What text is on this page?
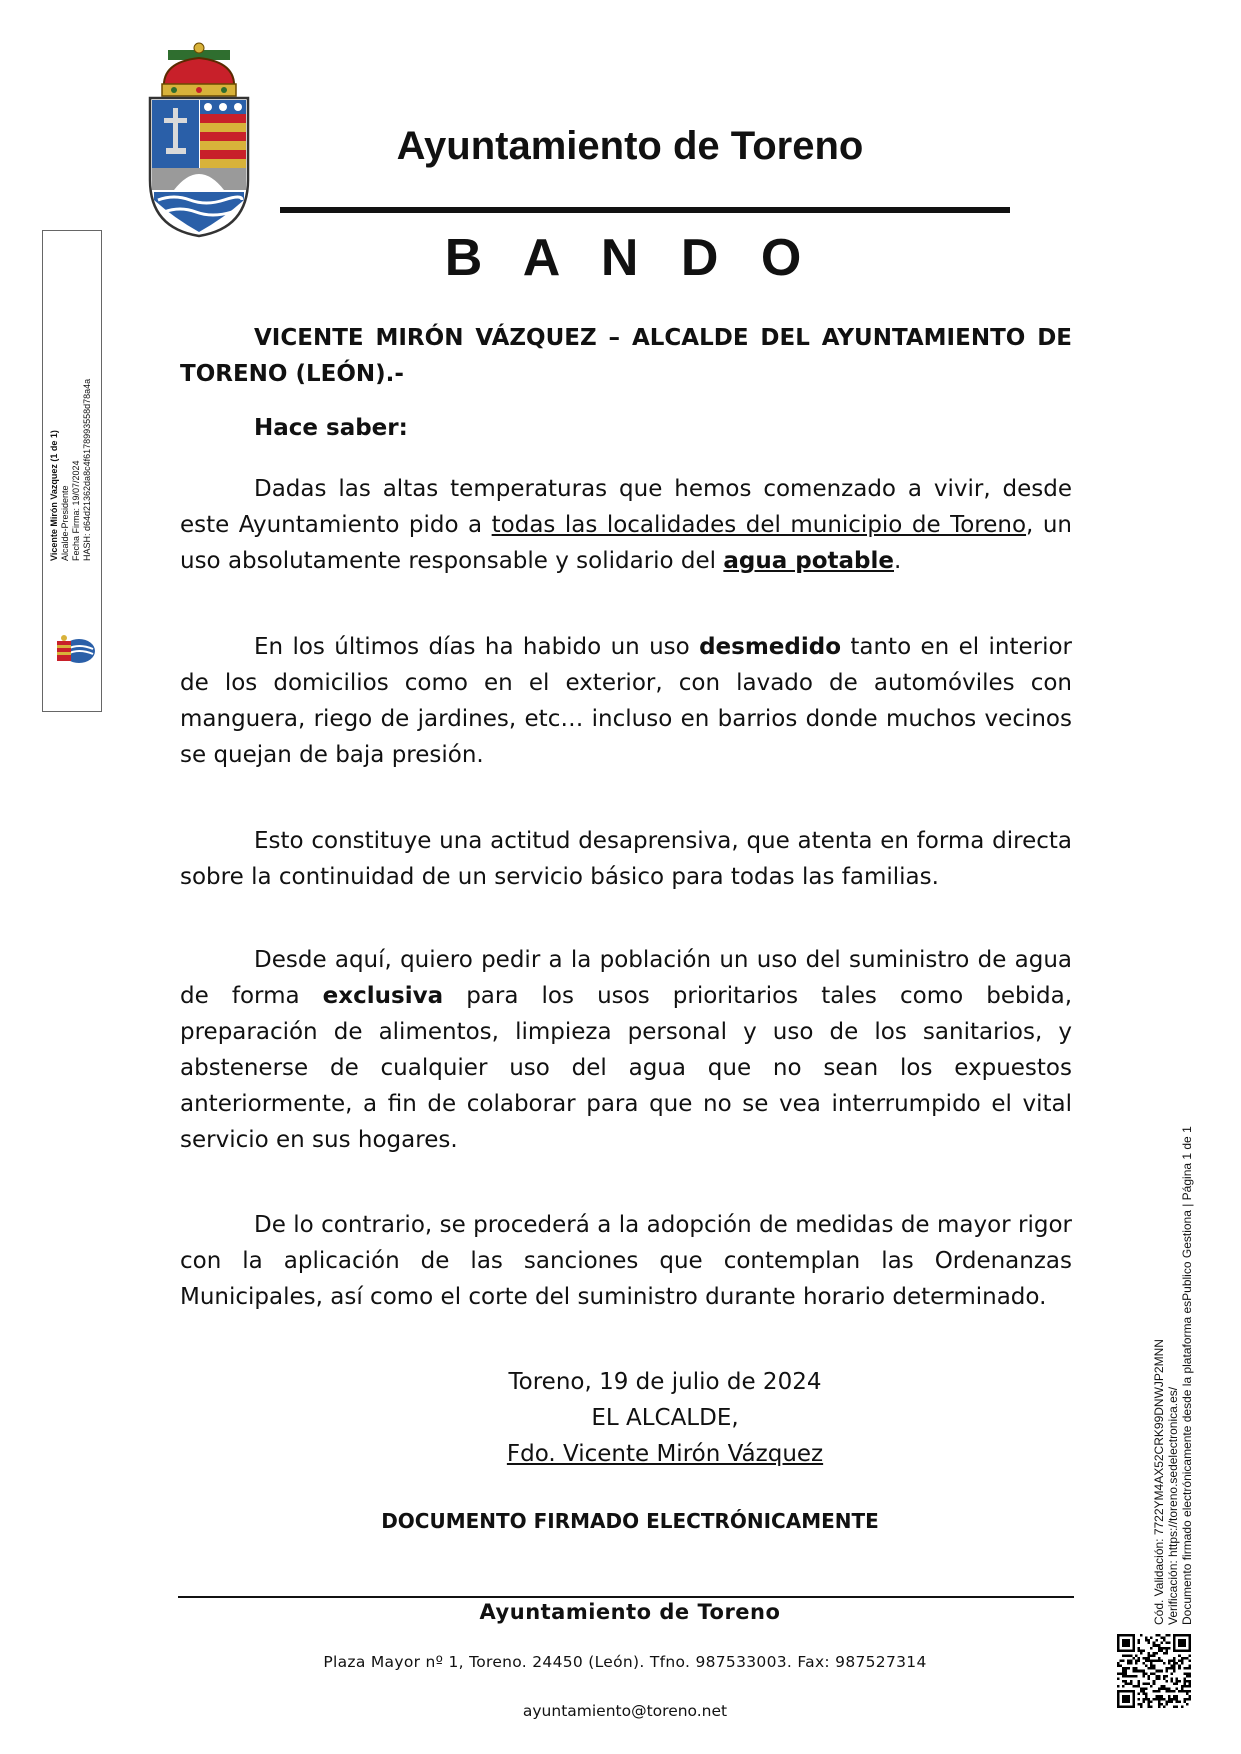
Ayuntamiento de Toreno
B A N D O

VICENTE MIRÓN VÁZQUEZ – ALCALDE DEL AYUNTAMIENTO DE TORENO (LEÓN).-

Hace saber:

Dadas las altas temperaturas que hemos comenzado a vivir, desde este Ayuntamiento pido a todas las localidades del municipio de Toreno, un uso absolutamente responsable y solidario del agua potable.

En los últimos días ha habido un uso desmedido tanto en el interior de los domicilios como en el exterior, con lavado de automóviles con manguera, riego de jardines, etc… incluso en barrios donde muchos vecinos se quejan de baja presión.

Esto constituye una actitud desaprensiva, que atenta en forma directa sobre la continuidad de un servicio básico para todas las familias.

Desde aquí, quiero pedir a la población un uso del suministro de agua de forma exclusiva para los usos prioritarios tales como bebida, preparación de alimentos, limpieza personal y uso de los sanitarios, y abstenerse de cualquier uso del agua que no sean los expuestos anteriormente, a fin de colaborar para que no se vea interrumpido el vital servicio en sus hogares.

De lo contrario, se procederá a la adopción de medidas de mayor rigor con la aplicación de las sanciones que contemplan las Ordenanzas Municipales, así como el corte del suministro durante horario determinado.

Toreno, 19 de julio de 2024
EL ALCALDE,
Fdo. Vicente Mirón Vázquez

DOCUMENTO FIRMADO ELECTRÓNICAMENTE

Ayuntamiento de Toreno
Plaza Mayor nº 1, Toreno. 24450 (León). Tfno. 987533003. Fax: 987527314
ayuntamiento@toreno.net
Vicente Mirón Vazquez (1 de 1) Alcalde-Presidente Fecha Firma: 19/07/2024 HASH: d64d21362da8c4f6178993558d78a4a
Cód. Validación: 7722YM4AX52CRK99DNWJP2MNN Verificación: https://toreno.sedelectronica.es/ Documento firmado electrónicamente desde la plataforma esPublico Gestiona | Página 1 de 1
